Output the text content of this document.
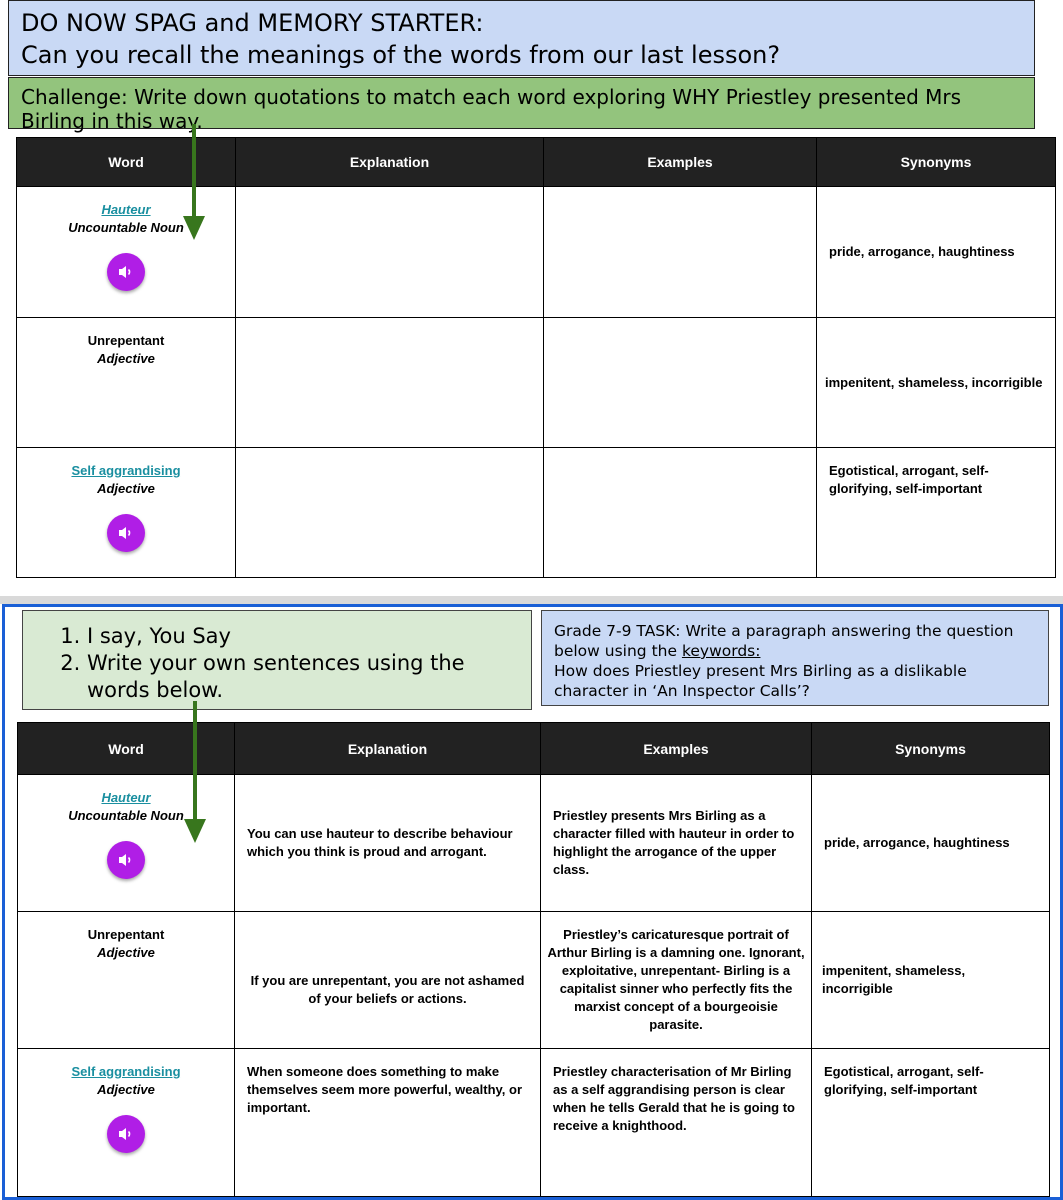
DO NOW SPAG and MEMORY STARTER:
Can you recall the meanings of the words from our last lesson?
Challenge: Write down quotations to match each word exploring WHY Priestley presented Mrs Birling in this way.
Word	Explanation	Examples	Synonyms

Hauteur
Uncountable Noun			pride, arrogance, haughtiness

Unrepentant
Adjective			impenitent, shameless, incorrigible

Self aggrandising
Adjective			Egotistical, arrogant, self-glorifying, self-important
1. I say, You Say
2. Write your own sentences using the words below.
Grade 7-9 TASK: Write a paragraph answering the question below using the keywords:
How does Priestley present Mrs Birling as a dislikable character in ‘An Inspector Calls’?
Word	Explanation	Examples	Synonyms

Hauteur
Uncountable Noun	You can use hauteur to describe behaviour which you think is proud and arrogant.	Priestley presents Mrs Birling as a character filled with hauteur in order to highlight the arrogance of the upper class.	pride, arrogance, haughtiness

Unrepentant
Adjective	If you are unrepentant, you are not ashamed of your beliefs or actions.	Priestley’s caricaturesque portrait of Arthur Birling is a damning one. Ignorant, exploitative, unrepentant- Birling is a capitalist sinner who perfectly fits the marxist concept of a bourgeoisie parasite.	impenitent, shameless, incorrigible

Self aggrandising
Adjective	When someone does something to make themselves seem more powerful, wealthy, or important.	Priestley characterisation of Mr Birling as a self aggrandising person is clear when he tells Gerald that he is going to receive a knighthood.	Egotistical, arrogant, self-glorifying, self-important
